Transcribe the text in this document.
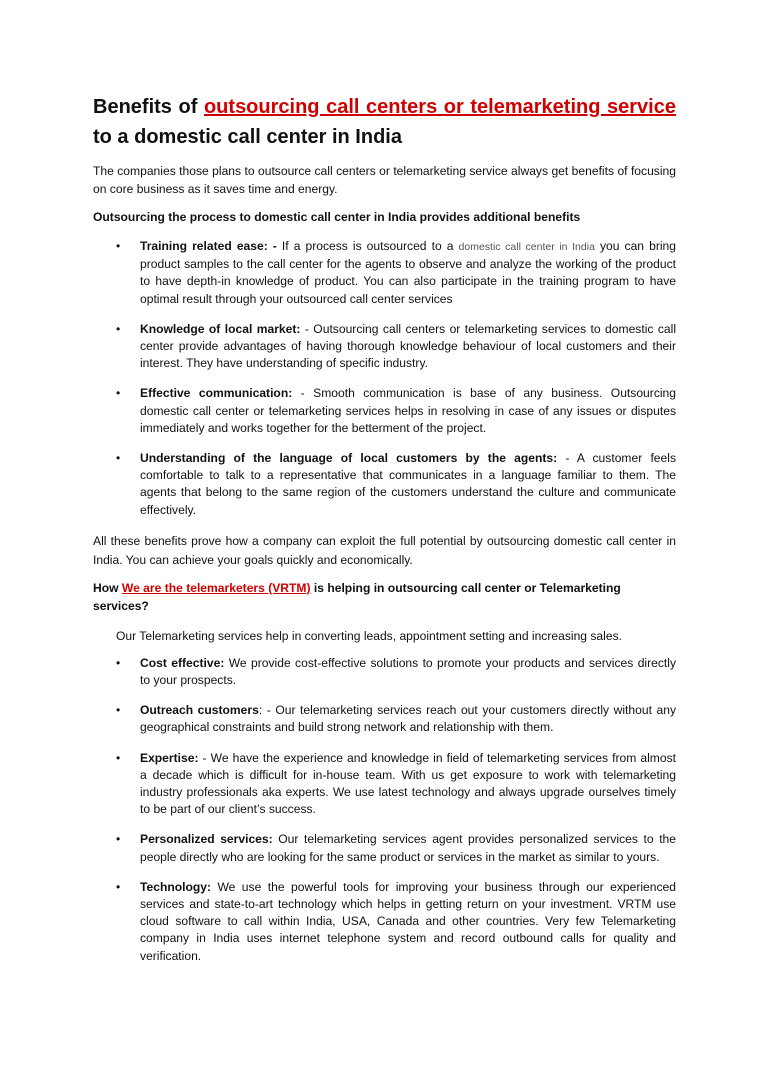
Benefits of outsourcing call centers or telemarketing service to a domestic call center in India

The companies those plans to outsource call centers or telemarketing service always get benefits of focusing on core business as it saves time and energy.

Outsourcing the process to domestic call center in India provides additional benefits

• Training related ease: - If a process is outsourced to a domestic call center in India you can bring product samples to the call center for the agents to observe and analyze the working of the product to have depth-in knowledge of product. You can also participate in the training program to have optimal result through your outsourced call center services
• Knowledge of local market: - Outsourcing call centers or telemarketing services to domestic call center provide advantages of having thorough knowledge behaviour of local customers and their interest. They have understanding of specific industry.
• Effective communication: - Smooth communication is base of any business. Outsourcing domestic call center or telemarketing services helps in resolving in case of any issues or disputes immediately and works together for the betterment of the project.
• Understanding of the language of local customers by the agents: - A customer feels comfortable to talk to a representative that communicates in a language familiar to them. The agents that belong to the same region of the customers understand the culture and communicate effectively.

All these benefits prove how a company can exploit the full potential by outsourcing domestic call center in India. You can achieve your goals quickly and economically.

How We are the telemarketers (VRTM) is helping in outsourcing call center or Telemarketing services?

Our Telemarketing services help in converting leads, appointment setting and increasing sales.

• Cost effective: We provide cost-effective solutions to promote your products and services directly to your prospects.
• Outreach customers: - Our telemarketing services reach out your customers directly without any geographical constraints and build strong network and relationship with them.
• Expertise: - We have the experience and knowledge in field of telemarketing services from almost a decade which is difficult for in-house team. With us get exposure to work with telemarketing industry professionals aka experts. We use latest technology and always upgrade ourselves timely to be part of our client’s success.
• Personalized services: Our telemarketing services agent provides personalized services to the people directly who are looking for the same product or services in the market as similar to yours.
• Technology: We use the powerful tools for improving your business through our experienced services and state-to-art technology which helps in getting return on your investment. VRTM use cloud software to call within India, USA, Canada and other countries. Very few Telemarketing company in India uses internet telephone system and record outbound calls for quality and verification.
